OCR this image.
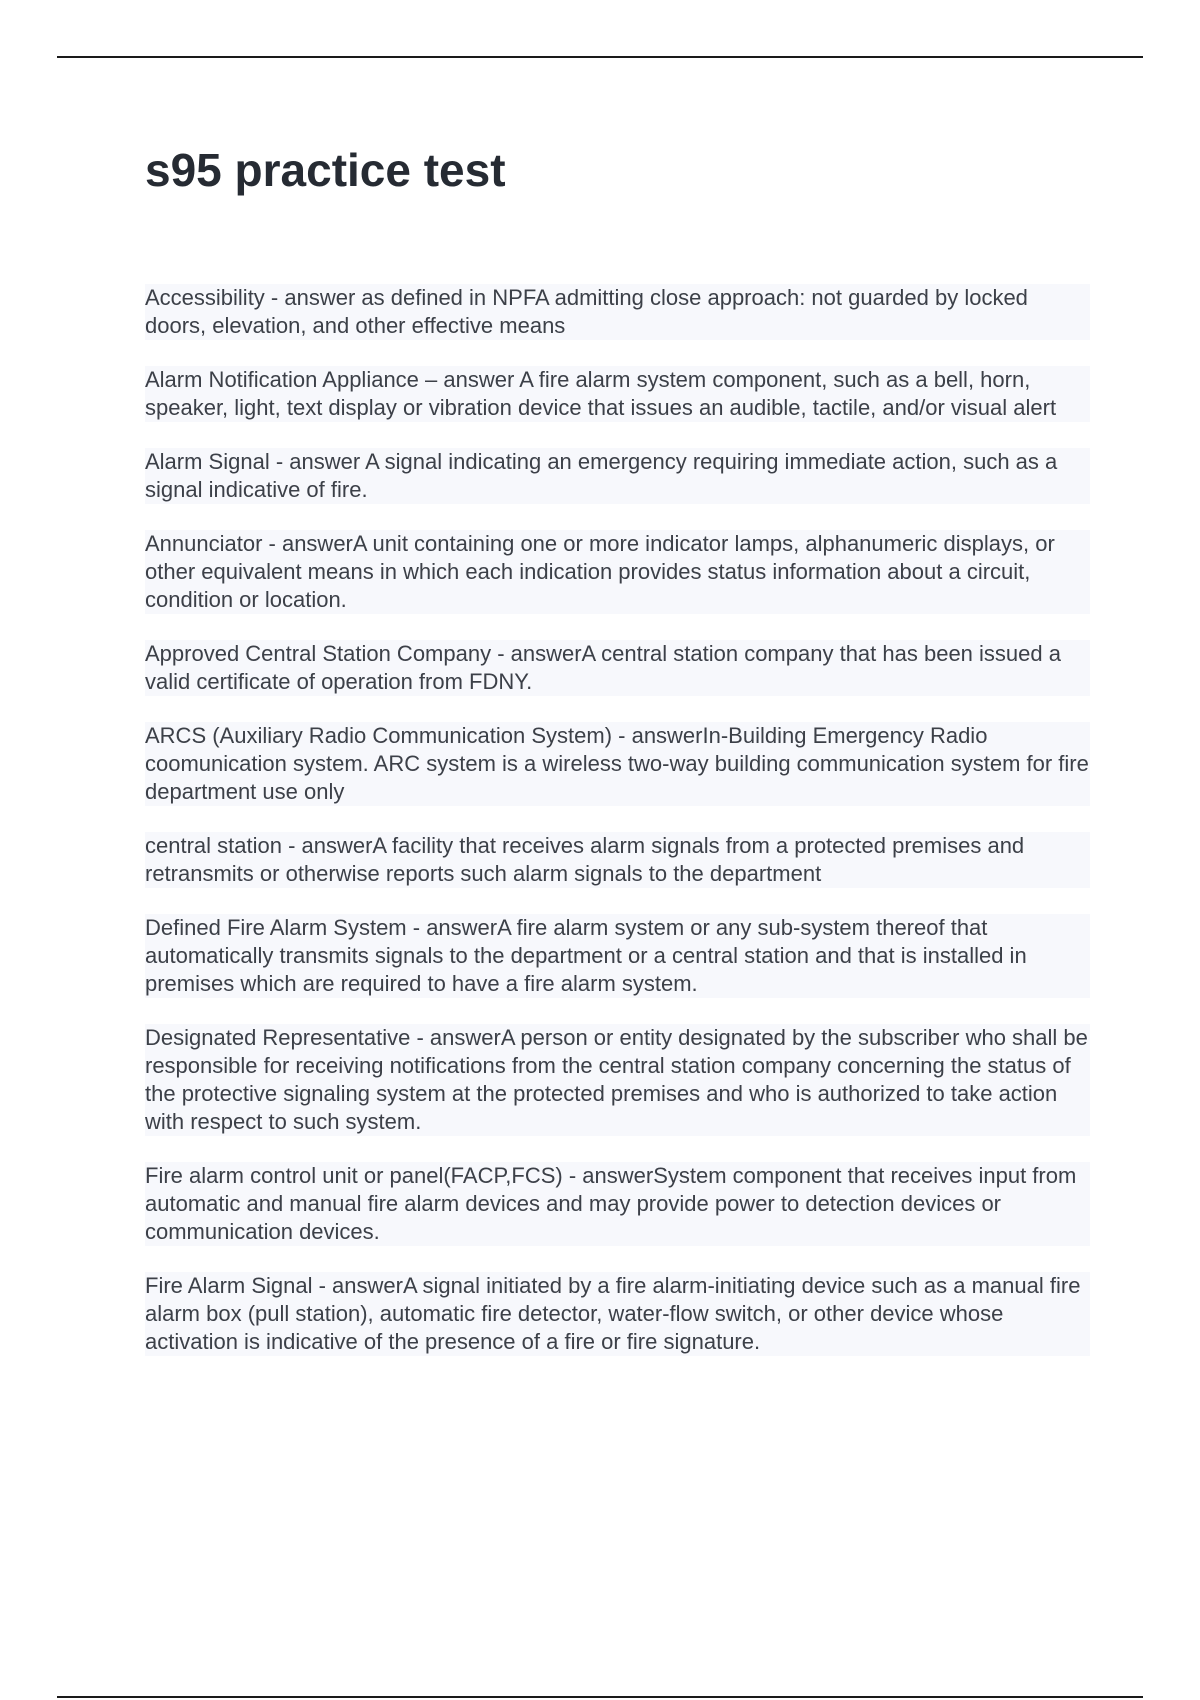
s95 practice test
Accessibility - answer as defined in NPFA admitting close approach: not guarded by locked doors, elevation, and other effective means
Alarm Notification Appliance – answer A fire alarm system component, such as a bell, horn, speaker, light, text display or vibration device that issues an audible, tactile, and/or visual alert
Alarm Signal - answer A signal indicating an emergency requiring immediate action, such as a signal indicative of fire.
Annunciator - answerA unit containing one or more indicator lamps, alphanumeric displays, or other equivalent means in which each indication provides status information about a circuit, condition or location.
Approved Central Station Company - answerA central station company that has been issued a valid certificate of operation from FDNY.
ARCS (Auxiliary Radio Communication System) - answerIn-Building Emergency Radio coomunication system. ARC system is a wireless two-way building communication system for fire department use only
central station - answerA facility that receives alarm signals from a protected premises and retransmits or otherwise reports such alarm signals to the department
Defined Fire Alarm System - answerA fire alarm system or any sub-system thereof that automatically transmits signals to the department or a central station and that is installed in premises which are required to have a fire alarm system.
Designated Representative - answerA person or entity designated by the subscriber who shall be responsible for receiving notifications from the central station company concerning the status of the protective signaling system at the protected premises and who is authorized to take action with respect to such system.
Fire alarm control unit or panel(FACP,FCS) - answerSystem component that receives input from automatic and manual fire alarm devices and may provide power to detection devices or communication devices.
Fire Alarm Signal - answerA signal initiated by a fire alarm-initiating device such as a manual fire alarm box (pull station), automatic fire detector, water-flow switch, or other device whose activation is indicative of the presence of a fire or fire signature.
